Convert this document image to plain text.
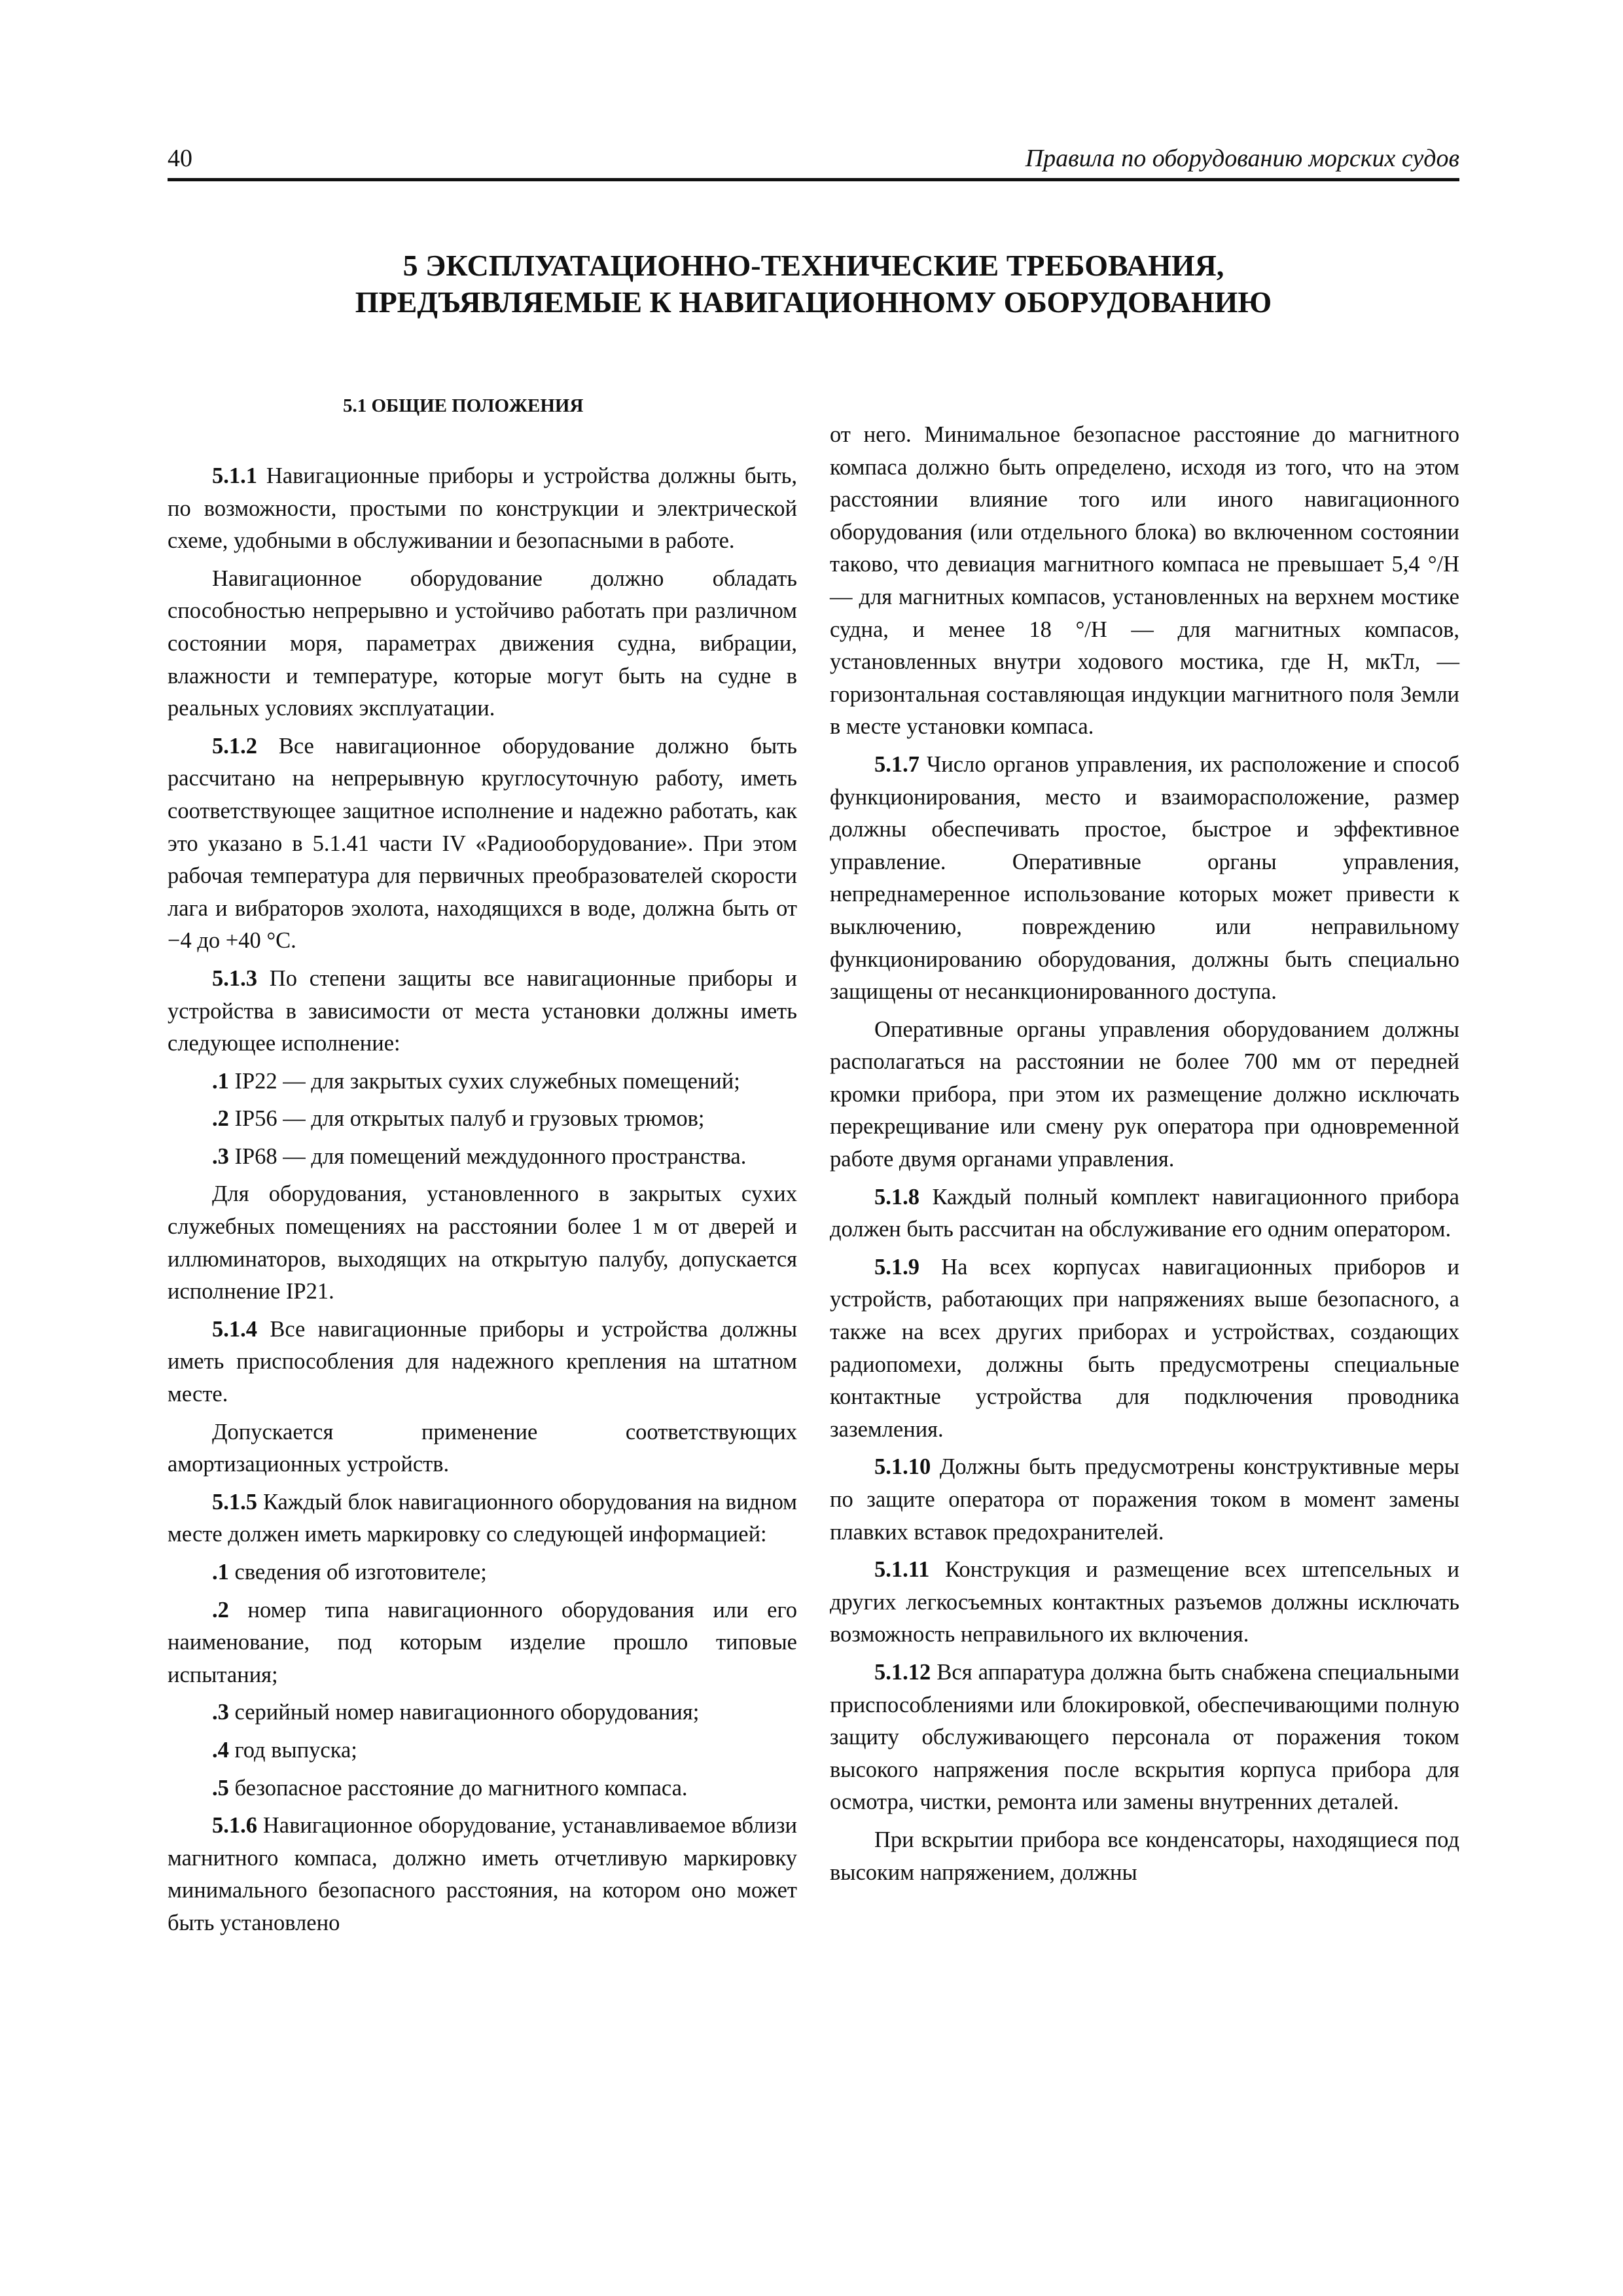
40	Правила по оборудованию морских судов
5 ЭКСПЛУАТАЦИОННО-ТЕХНИЧЕСКИЕ ТРЕБОВАНИЯ,
ПРЕДЪЯВЛЯЕМЫЕ К НАВИГАЦИОННОМУ ОБОРУДОВАНИЮ
5.1 ОБЩИЕ ПОЛОЖЕНИЯ

5.1.1 Навигационные приборы и устройства должны быть, по возможности, простыми по конструкции и электрической схеме, удобными в обслуживании и безопасными в работе.

Навигационное оборудование должно обладать способностью непрерывно и устойчиво работать при различном состоянии моря, параметрах движения судна, вибрации, влажности и температуре, которые могут быть на судне в реальных условиях эксплуатации.

5.1.2 Все навигационное оборудование должно быть рассчитано на непрерывную круглосуточную работу, иметь соответствующее защитное исполнение и надежно работать, как это указано в 5.1.41 части IV «Радиооборудование». При этом рабочая температура для первичных преобразователей скорости лага и вибраторов эхолота, находящихся в воде, должна быть от −4 до +40 °С.

5.1.3 По степени защиты все навигационные приборы и устройства в зависимости от места установки должны иметь следующее исполнение:

.1 IP22 — для закрытых сухих служебных помещений;

.2 IP56 — для открытых палуб и грузовых трюмов;

.3 IP68 — для помещений междудонного пространства.

Для оборудования, установленного в закрытых сухих служебных помещениях на расстоянии более 1 м от дверей и иллюминаторов, выходящих на открытую палубу, допускается исполнение IP21.

5.1.4 Все навигационные приборы и устройства должны иметь приспособления для надежного крепления на штатном месте.

Допускается применение соответствующих амортизационных устройств.

5.1.5 Каждый блок навигационного оборудования на видном месте должен иметь маркировку со следующей информацией:

.1 сведения об изготовителе;

.2 номер типа навигационного оборудования или его наименование, под которым изделие прошло типовые испытания;

.3 серийный номер навигационного оборудования;

.4 год выпуска;

.5 безопасное расстояние до магнитного компаса.

5.1.6 Навигационное оборудование, устанавливаемое вблизи магнитного компаса, должно иметь отчетливую маркировку минимального безопасного расстояния, на котором оно может быть установлено

от него. Минимальное безопасное расстояние до магнитного компаса должно быть определено, исходя из того, что на этом расстоянии влияние того или иного навигационного оборудования (или отдельного блока) во включенном состоянии таково, что девиация магнитного компаса не превышает 5,4 °/H — для магнитных компасов, установленных на верхнем мостике судна, и менее 18 °/H — для магнитных компасов, установленных внутри ходового мостика, где H, мкТл, — горизонтальная составляющая индукции магнитного поля Земли в месте установки компаса.

5.1.7 Число органов управления, их расположение и способ функционирования, место и взаиморасположение, размер должны обеспечивать простое, быстрое и эффективное управление. Оперативные органы управления, непреднамеренное использование которых может привести к выключению, повреждению или неправильному функционированию оборудования, должны быть специально защищены от несанкционированного доступа.

Оперативные органы управления оборудованием должны располагаться на расстоянии не более 700 мм от передней кромки прибора, при этом их размещение должно исключать перекрещивание или смену рук оператора при одновременной работе двумя органами управления.

5.1.8 Каждый полный комплект навигационного прибора должен быть рассчитан на обслуживание его одним оператором.

5.1.9 На всех корпусах навигационных приборов и устройств, работающих при напряжениях выше безопасного, а также на всех других приборах и устройствах, создающих радиопомехи, должны быть предусмотрены специальные контактные устройства для подключения проводника заземления.

5.1.10 Должны быть предусмотрены конструктивные меры по защите оператора от поражения током в момент замены плавких вставок предохранителей.

5.1.11 Конструкция и размещение всех штепсельных и других легкосъемных контактных разъемов должны исключать возможность неправильного их включения.

5.1.12 Вся аппаратура должна быть снабжена специальными приспособлениями или блокировкой, обеспечивающими полную защиту обслуживающего персонала от поражения током высокого напряжения после вскрытия корпуса прибора для осмотра, чистки, ремонта или замены внутренних деталей.

При вскрытии прибора все конденсаторы, находящиеся под высоким напряжением, должны
